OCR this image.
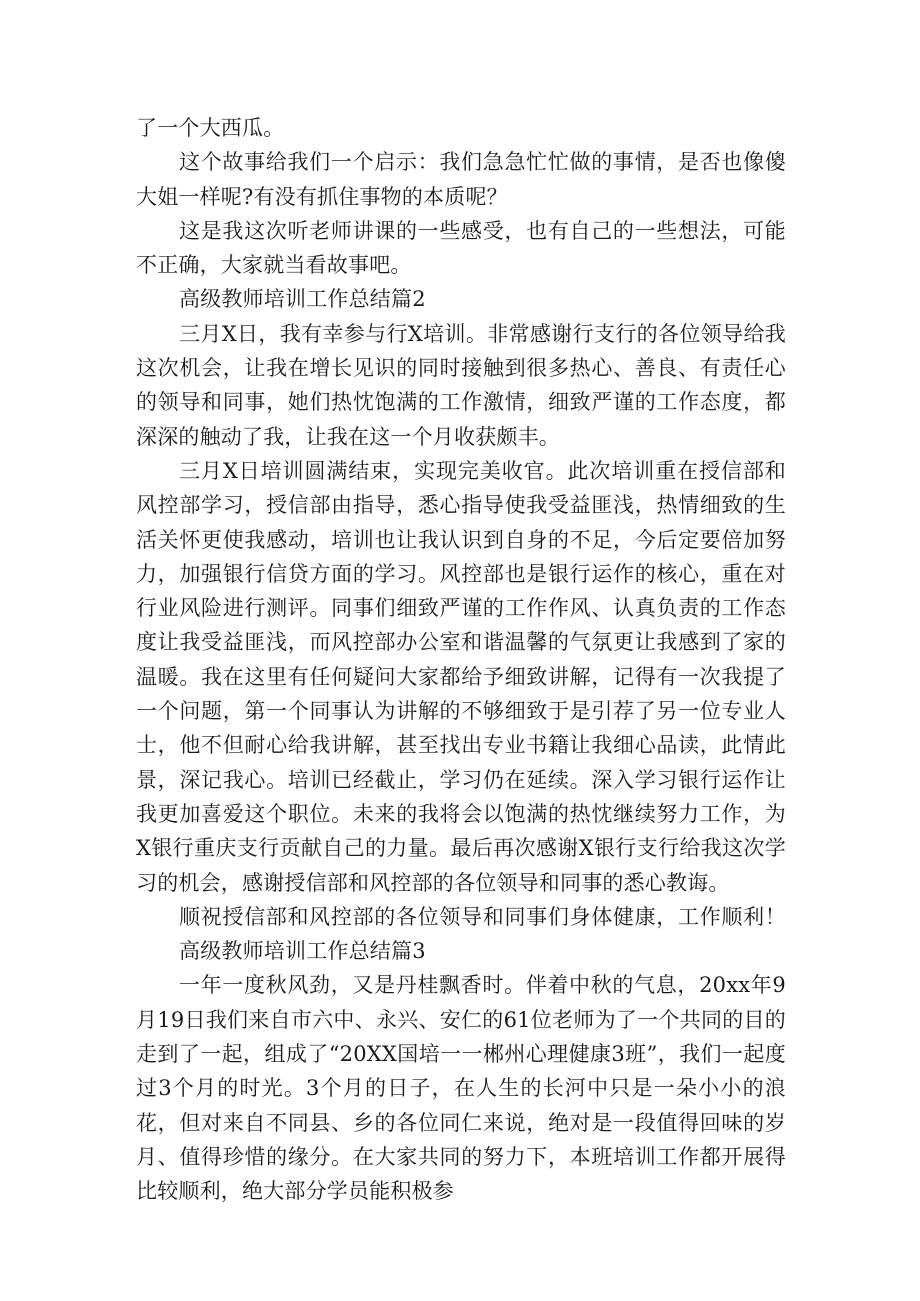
了一个大西瓜。

这个故事给我们一个启示：我们急急忙忙做的事情，是否也像傻大姐一样呢?有没有抓住事物的本质呢？

这是我这次听老师讲课的一些感受，也有自己的一些想法，可能不正确，大家就当看故事吧。

高级教师培训工作总结篇2

三月X日，我有幸参与行X培训。非常感谢行支行的各位领导给我这次机会，让我在增长见识的同时接触到很多热心、善良、有责任心的领导和同事，她们热忱饱满的工作激情，细致严谨的工作态度，都深深的触动了我，让我在这一个月收获颇丰。

三月X日培训圆满结束，实现完美收官。此次培训重在授信部和风控部学习，授信部由指导，悉心指导使我受益匪浅，热情细致的生活关怀更使我感动，培训也让我认识到自身的不足，今后定要倍加努力，加强银行信贷方面的学习。风控部也是银行运作的核心，重在对行业风险进行测评。同事们细致严谨的工作作风、认真负责的工作态度让我受益匪浅，而风控部办公室和谐温馨的气氛更让我感到了家的温暖。我在这里有任何疑问大家都给予细致讲解，记得有一次我提了一个问题，第一个同事认为讲解的不够细致于是引荐了另一位专业人士，他不但耐心给我讲解，甚至找出专业书籍让我细心品读，此情此景，深记我心。培训已经截止，学习仍在延续。深入学习银行运作让我更加喜爱这个职位。未来的我将会以饱满的热忱继续努力工作，为X银行重庆支行贡献自己的力量。最后再次感谢X银行支行给我这次学习的机会，感谢授信部和风控部的各位领导和同事的悉心教诲。

顺祝授信部和风控部的各位领导和同事们身体健康，工作顺利！高级教师培训工作总结篇3

一年一度秋风劲，又是丹桂飘香时。伴着中秋的气息，20xx年9月19日我们来自市六中、永兴、安仁的61位老师为了一个共同的目的走到了一起，组成了“20XX国培一一郴州心理健康3班”，我们一起度过3个月的时光。3个月的日子，在人生的长河中只是一朵小小的浪花，但对来自不同县、乡的各位同仁来说，绝对是一段值得回味的岁月、值得珍惜的缘分。在大家共同的努力下，本班培训工作都开展得比较顺利，绝大部分学员能积极参
